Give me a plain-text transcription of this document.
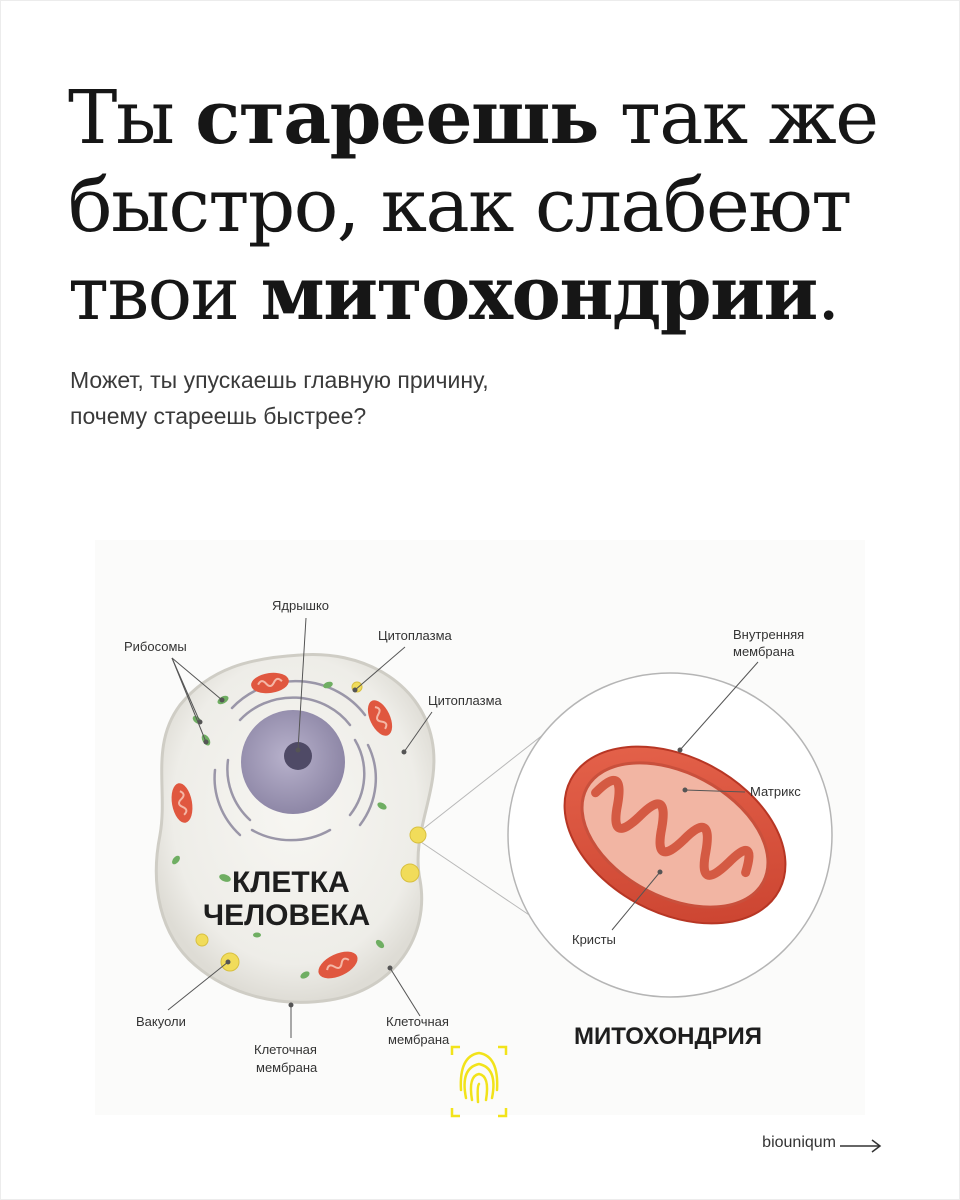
Ты стареешь так же быстро, как слабеют твои митохондрии.

Может, ты упускаешь главную причину, почему стареешь быстрее?

КЛЕТКА
ЧЕЛОВЕКА
Ядрышко
Рибосомы
Цитоплазма
Цитоплазма
Вакуоли
Клеточная
мембрана
Клеточная
мембрана
Внутренняя
мембрана
Матрикс
Кристы
МИТОХОНДРИЯ
biouniqum
